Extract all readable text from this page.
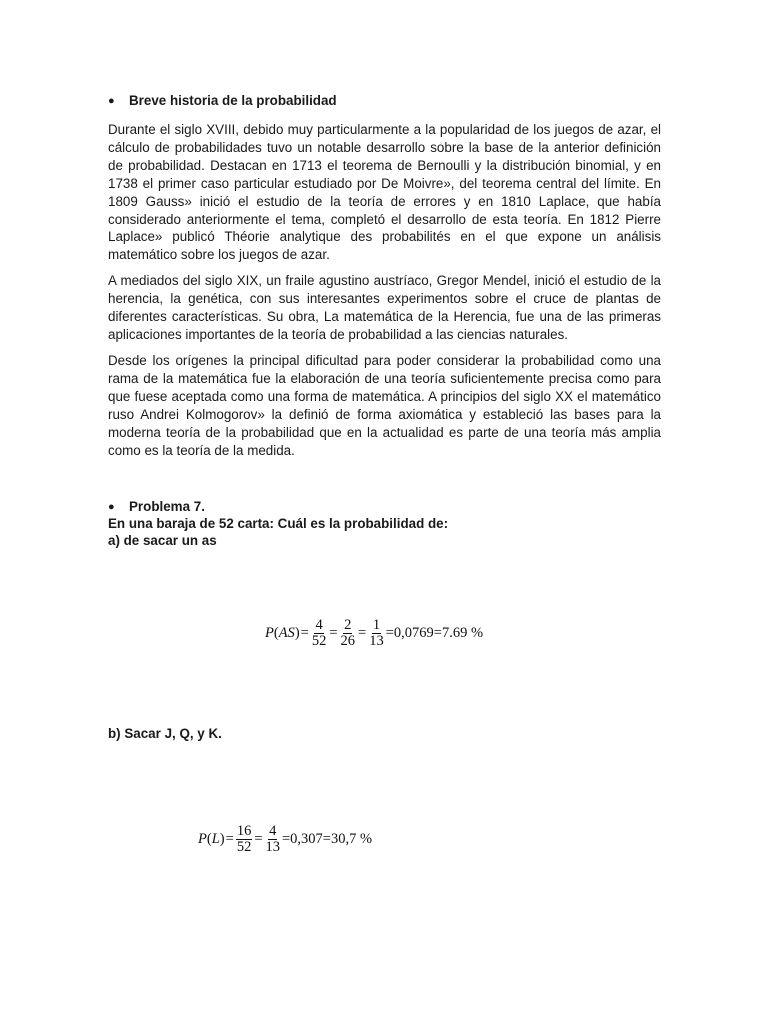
● Breve historia de la probabilidad

Durante el siglo XVIII, debido muy particularmente a la popularidad de los juegos de azar, el cálculo de probabilidades tuvo un notable desarrollo sobre la base de la anterior definición de probabilidad. Destacan en 1713 el teorema de Bernoulli y la distribución binomial, y en 1738 el primer caso particular estudiado por De Moivre», del teorema central del límite. En 1809 Gauss» inició el estudio de la teoría de errores y en 1810 Laplace, que había considerado anteriormente el tema, completó el desarrollo de esta teoría. En 1812 Pierre Laplace» publicó Théorie analytique des probabilités en el que expone un análisis matemático sobre los juegos de azar.

A mediados del siglo XIX, un fraile agustino austríaco, Gregor Mendel, inició el estudio de la herencia, la genética, con sus interesantes experimentos sobre el cruce de plantas de diferentes características. Su obra, La matemática de la Herencia, fue una de las primeras aplicaciones importantes de la teoría de probabilidad a las ciencias naturales.

Desde los orígenes la principal dificultad para poder considerar la probabilidad como una rama de la matemática fue la elaboración de una teoría suficientemente precisa como para que fuese aceptada como una forma de matemática. A principios del siglo XX el matemático ruso Andrei Kolmogorov» la definió de forma axiomática y estableció las bases para la moderna teoría de la probabilidad que en la actualidad es parte de una teoría más amplia como es la teoría de la medida.

● Problema 7.
En una baraja de 52 carta: Cuál es la probabilidad de:
a) de sacar un as
b) Sacar J, Q, y K.
P ( AS ) = $\frac{4}{52} = \frac{2}{26} = \frac{1}{13} =0,0769=7.69$ %
P ( L ) = $\frac{16}{52} = \frac{4}{13} =0,307=30,7$ %
